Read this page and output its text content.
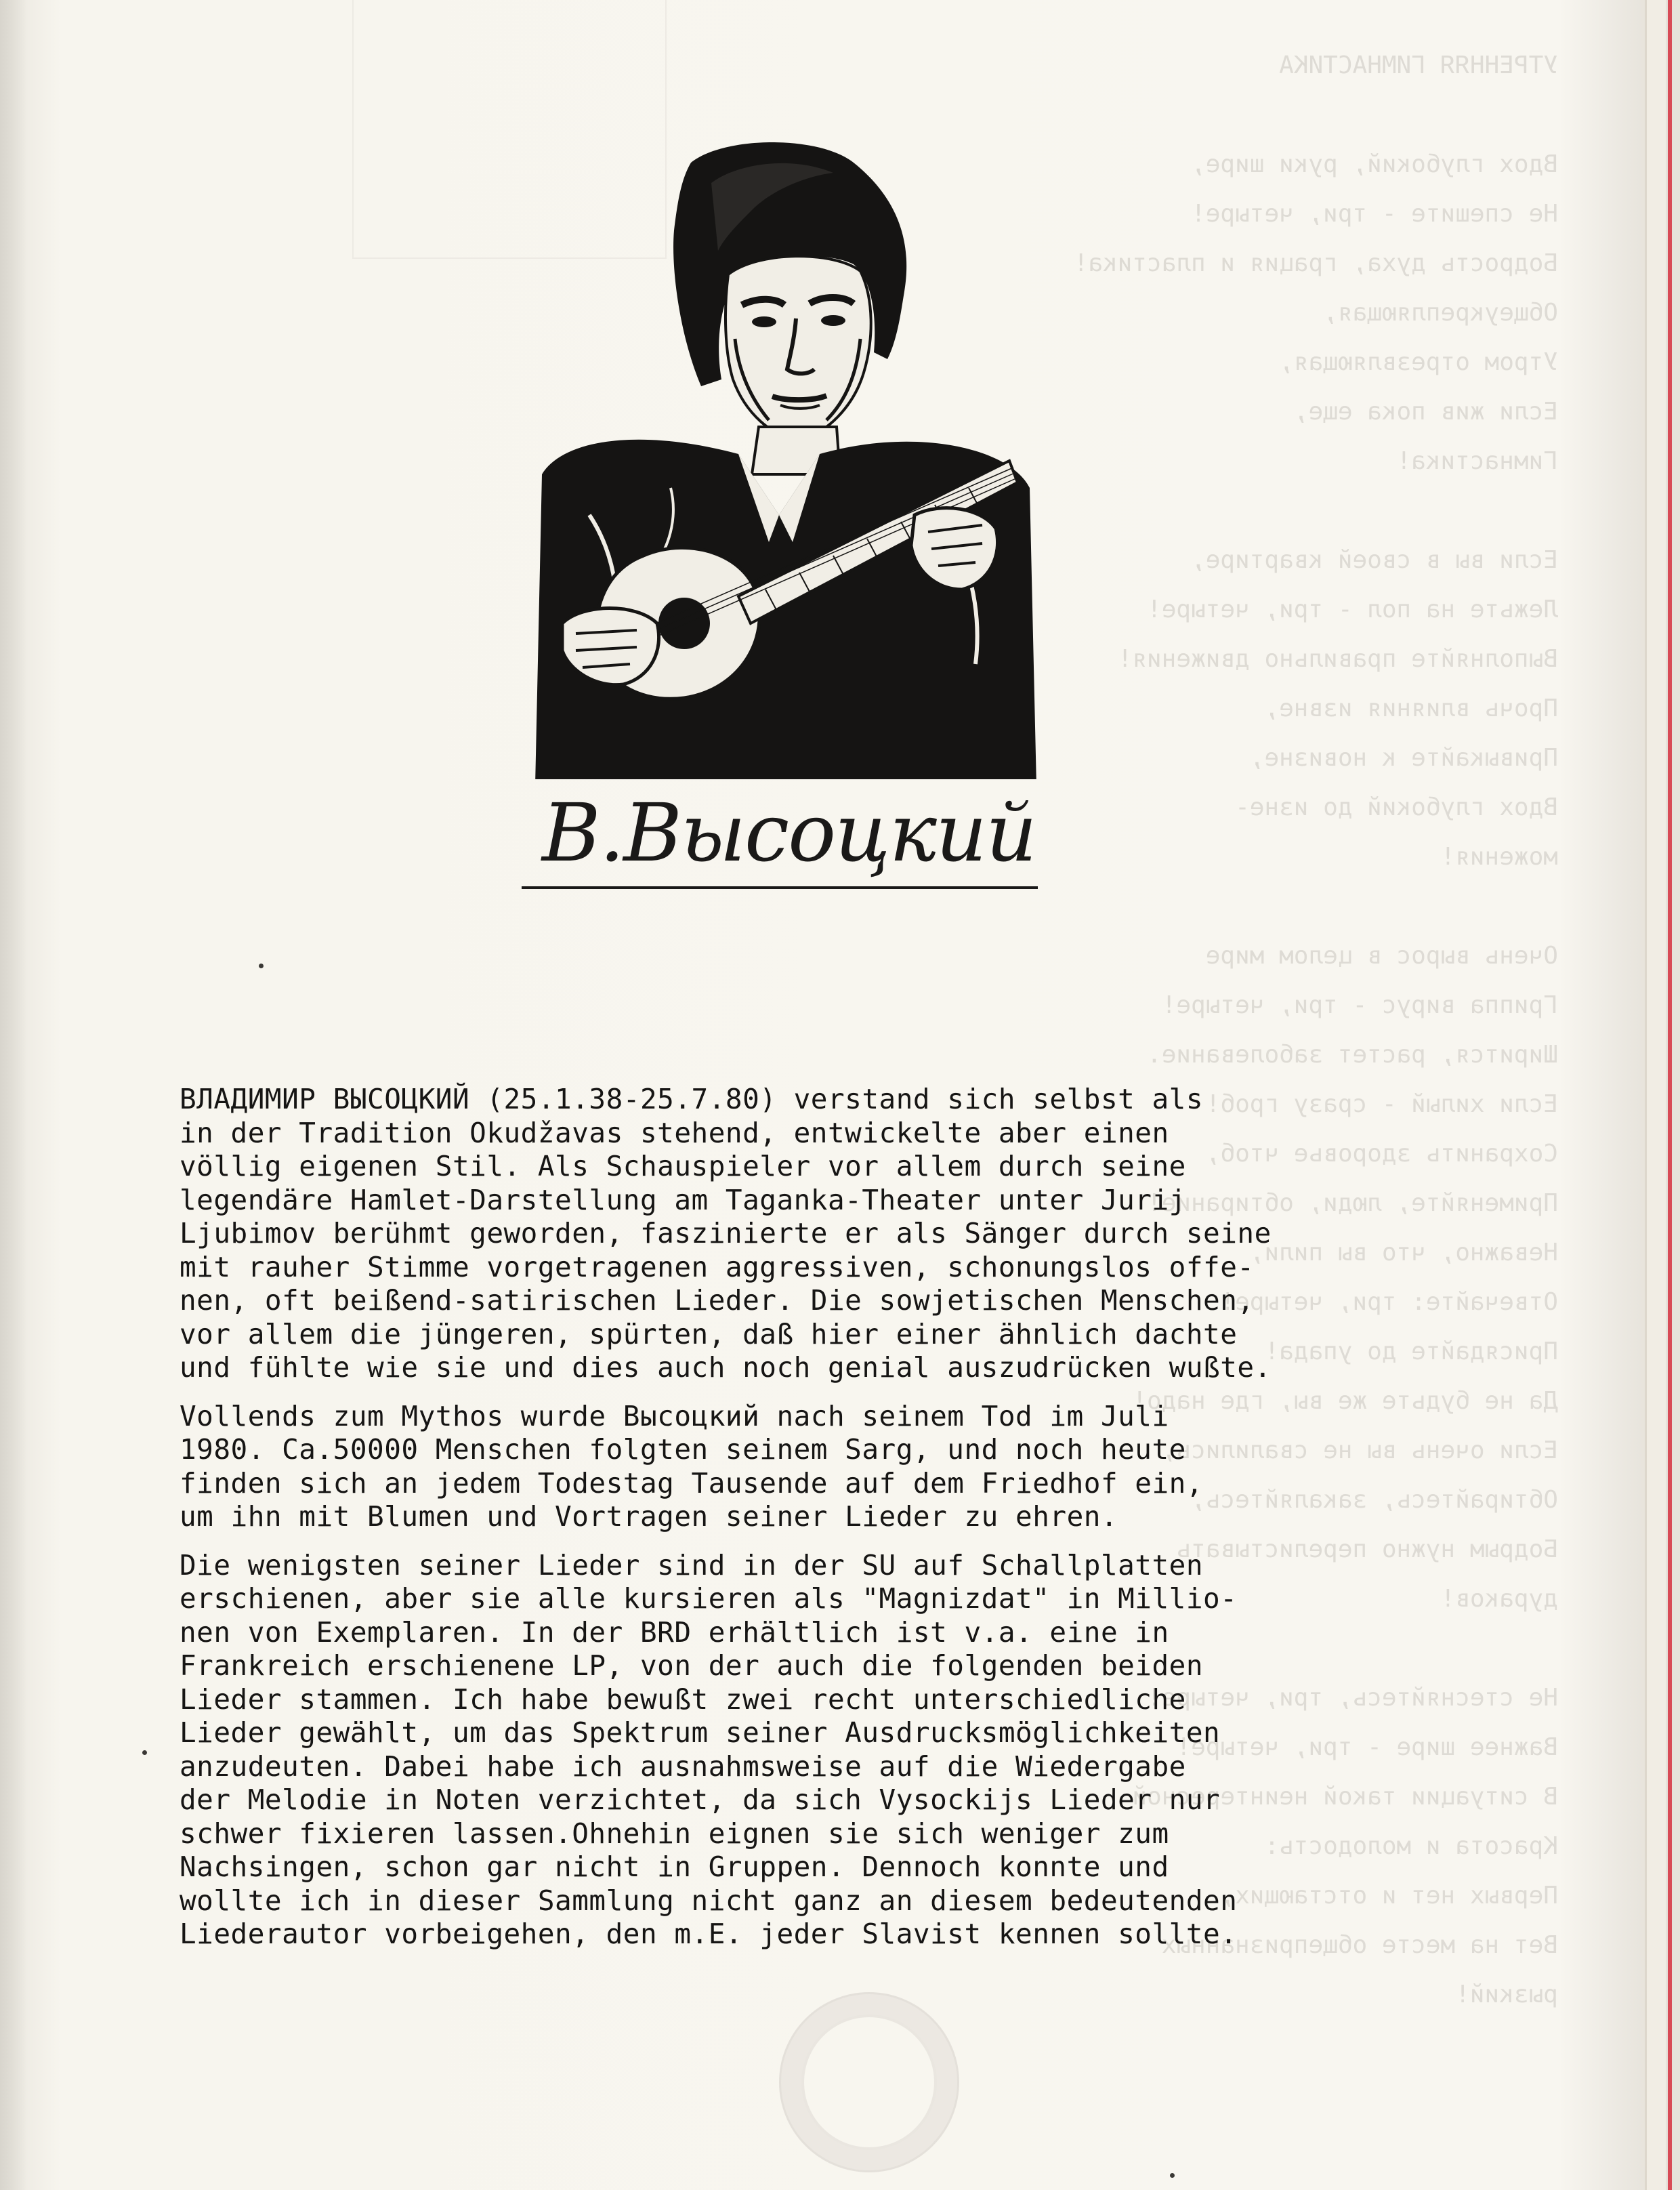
УТРЕННЯЯ ГИМНАСТИКА

Вдох глубокий, руки шире,
Не спешите - три, четыре!
Бодрость духа, грация и пластика!
Общеукрепляющая,
Утром отрезвляющая,
Если жив пока еще,
Гимнастика!

Если вы в своей квартире,
Лежьте на пол - три, четыре!
Выполняйте правильно движения!
Прочь влияния извне,
Привыкайте к новизне,
Вдох глубокий до изне-
можения!

Очень вырос в целом мире
Гриппа вирус - три, четыре!
Ширится, растет заболевание.
Если хилый - сразу гроб!
Сохранить здоровье чтоб,
Применяйте, люди, обтирание!
Неважно, что вы пили,
Отвечайте: три, четыре!
Присядайте до упада!
Да не будьте же вы, где надо!
Если очень вы не свалились,
Обтирайтесь, закаляйтесь,
Бодрым нужно перелистывать
дураков!

Не стесняйтесь, три, четыре!
Важнее шире - три, четыре!
В ситуации такой неинтересной
Красота и молодость:
Первых нет и отстающих,
Вет на месте общепризнанных
рызкий!
В.Высоцкий

ВЛАДИМИР ВЫСОЦКИЙ (25.1.38-25.7.80) verstand sich selbst als
in der Tradition Okudžavas stehend, entwickelte aber einen
völlig eigenen Stil. Als Schauspieler vor allem durch seine
legendäre Hamlet-Darstellung am Taganka-Theater unter Jurij
Ljubimov berühmt geworden, faszinierte er als Sänger durch seine
mit rauher Stimme vorgetragenen aggressiven, schonungslos offe-
nen, oft beißend-satirischen Lieder. Die sowjetischen Menschen,
vor allem die jüngeren, spürten, daß hier einer ähnlich dachte
und fühlte wie sie und dies auch noch genial auszudrücken wußte.

Vollends zum Mythos wurde Высоцкий nach seinem Tod im Juli
1980. Ca.50000 Menschen folgten seinem Sarg, und noch heute
finden sich an jedem Todestag Tausende auf dem Friedhof ein,
um ihn mit Blumen und Vortragen seiner Lieder zu ehren.

Die wenigsten seiner Lieder sind in der SU auf Schallplatten
erschienen, aber sie alle kursieren als "Magnizdat" in Millio-
nen von Exemplaren. In der BRD erhältlich ist v.a. eine in
Frankreich erschienene LP, von der auch die folgenden beiden
Lieder stammen. Ich habe bewußt zwei recht unterschiedliche
Lieder gewählt, um das Spektrum seiner Ausdrucksmöglichkeiten
anzudeuten. Dabei habe ich ausnahmsweise auf die Wiedergabe
der Melodie in Noten verzichtet, da sich Vysockijs Lieder nur
schwer fixieren lassen.Ohnehin eignen sie sich weniger zum
Nachsingen, schon gar nicht in Gruppen. Dennoch konnte und
wollte ich in dieser Sammlung nicht ganz an diesem bedeutenden
Liederautor vorbeigehen, den m.E. jeder Slavist kennen sollte.
